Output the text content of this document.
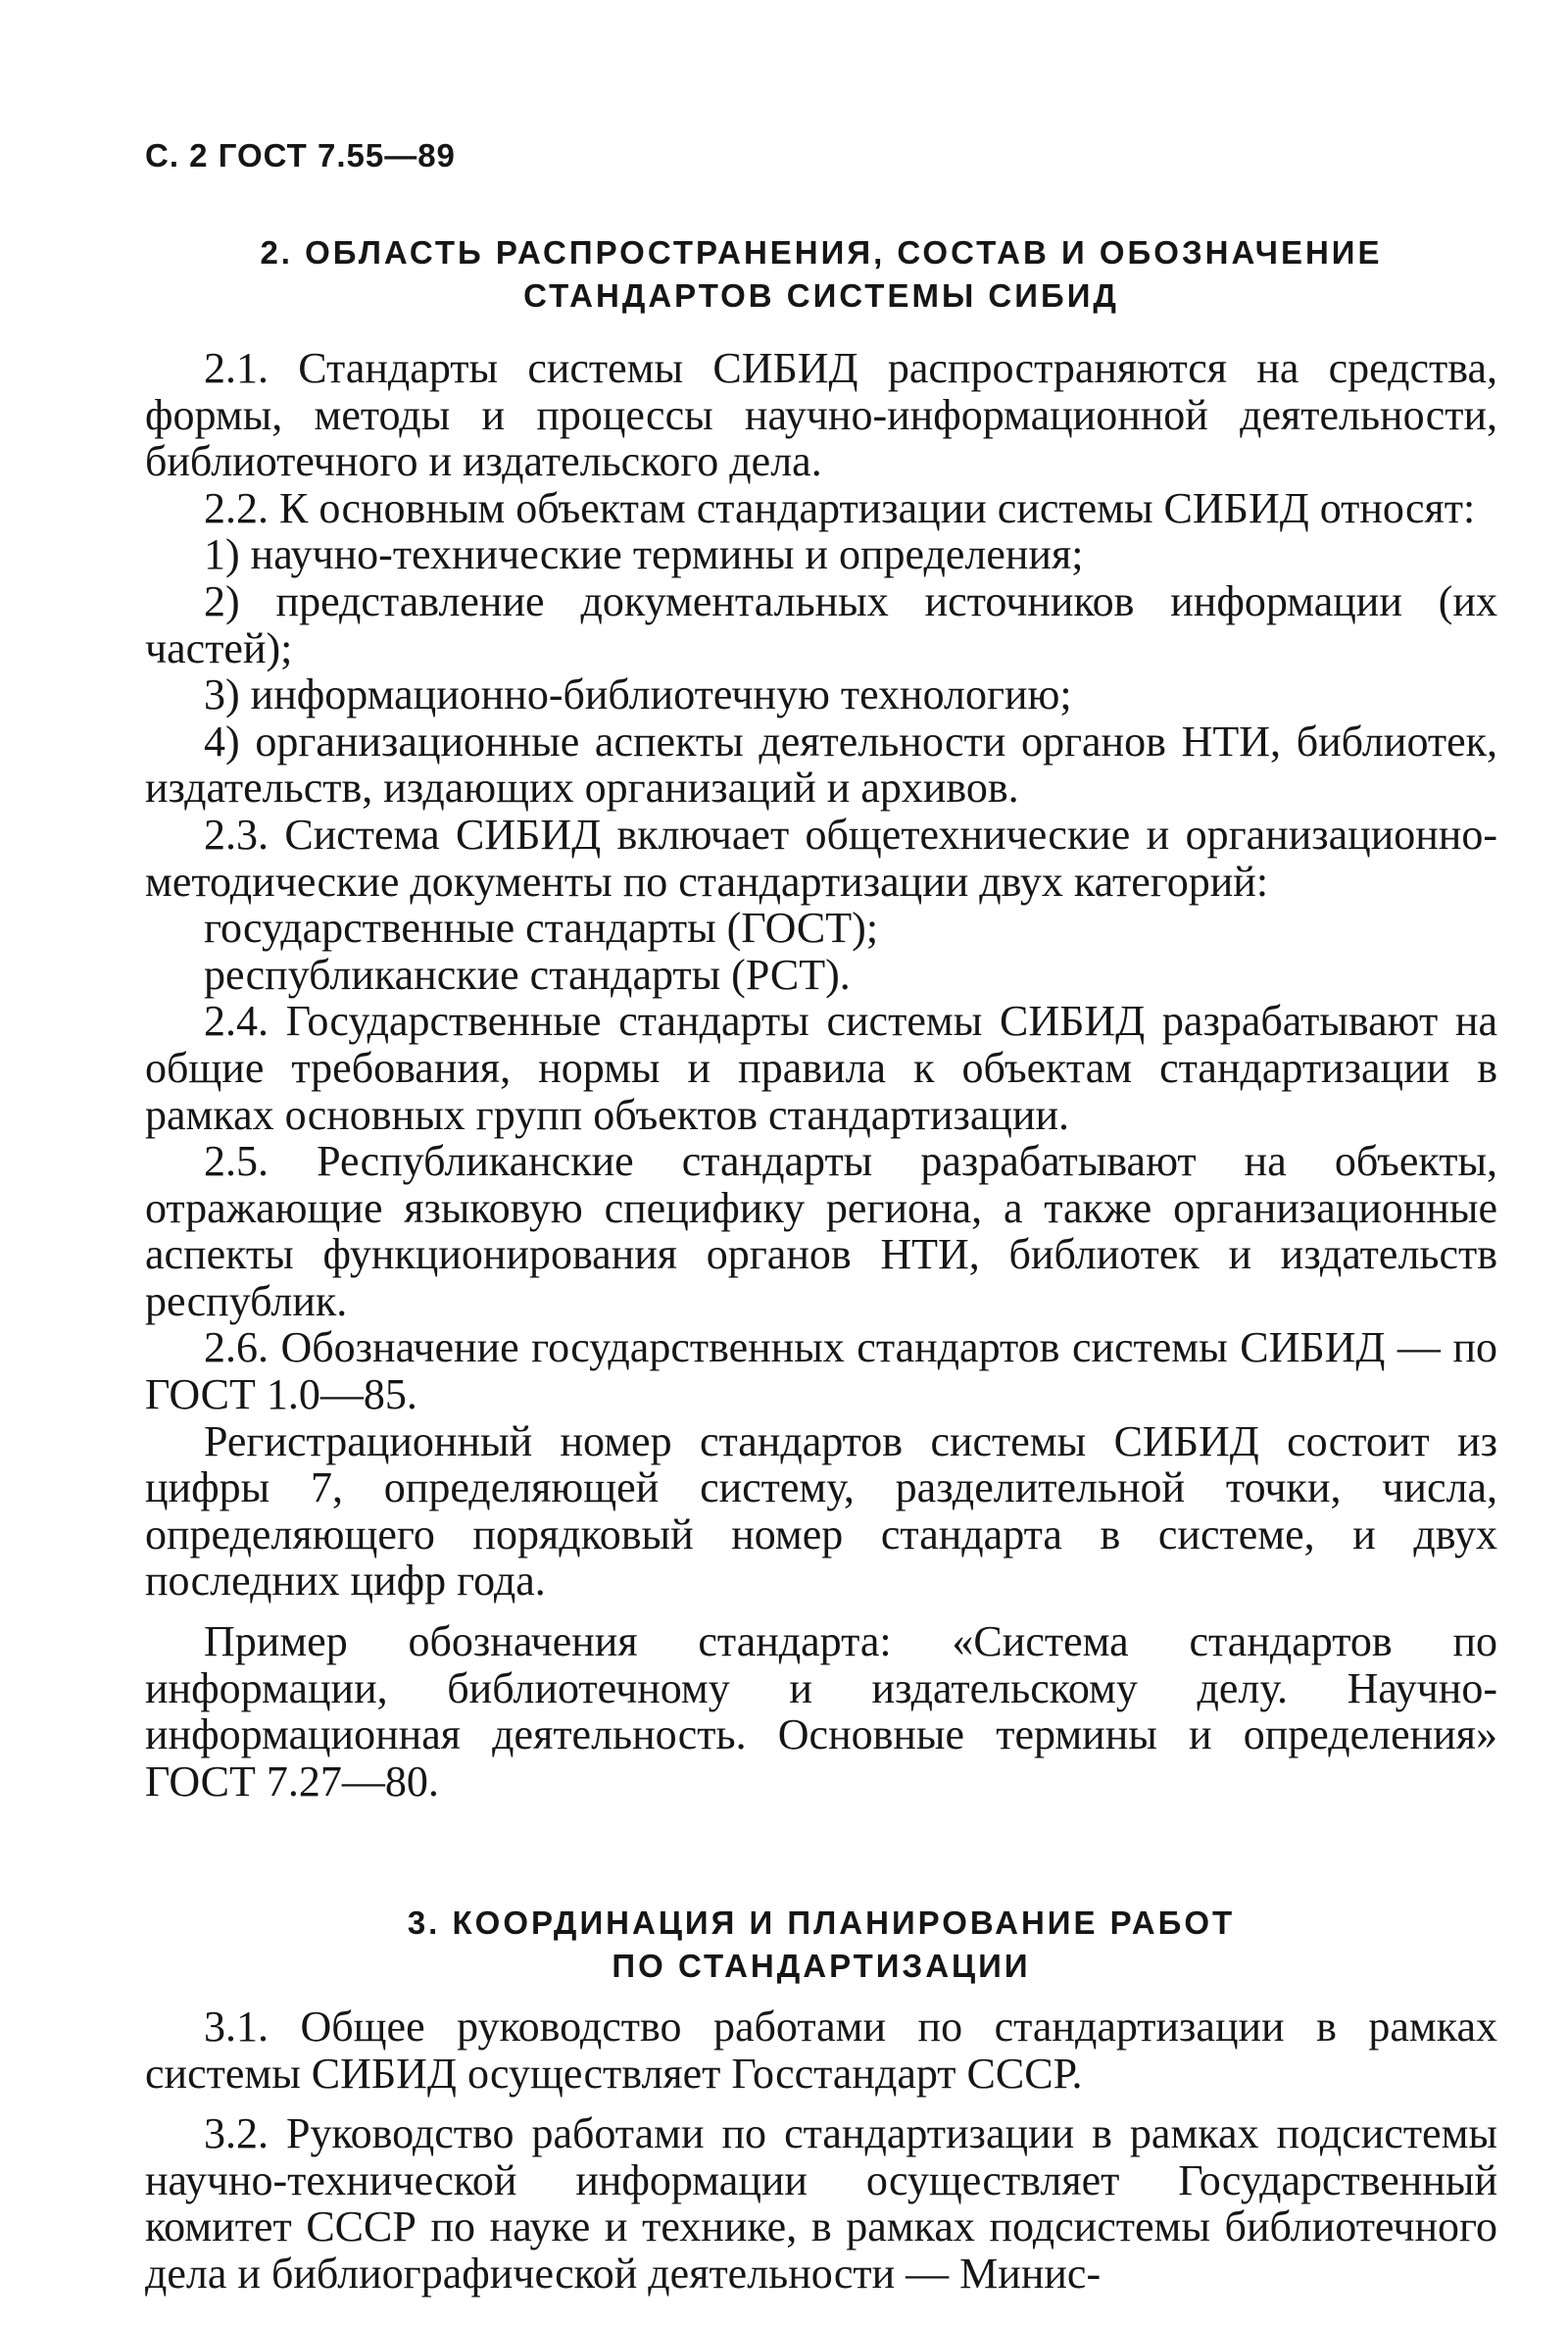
С. 2 ГОСТ 7.55—89
2. ОБЛАСТЬ РАСПРОСТРАНЕНИЯ, СОСТАВ И ОБОЗНАЧЕНИЕ
СТАНДАРТОВ СИСТЕМЫ СИБИД

2.1. Стандарты системы СИБИД распространяются на средства, формы, методы и процессы научно-информационной деятельности, библиотечного и издательского дела.

2.2. К основным объектам стандартизации системы СИБИД относят:

1) научно-технические термины и определения;

2) представление документальных источников информации (их частей);

3) информационно-библиотечную технологию;

4) организационные аспекты деятельности органов НТИ, библиотек, издательств, издающих организаций и архивов.

2.3. Система СИБИД включает общетехнические и организационно-методические документы по стандартизации двух категорий:

государственные стандарты (ГОСТ);

республиканские стандарты (РСТ).

2.4. Государственные стандарты системы СИБИД разрабатывают на общие требования, нормы и правила к объектам стандартизации в рамках основных групп объектов стандартизации.

2.5. Республиканские стандарты разрабатывают на объекты, отражающие языковую специфику региона, а также организационные аспекты функционирования органов НТИ, библиотек и издательств республик.

2.6. Обозначение государственных стандартов системы СИБИД — по ГОСТ 1.0—85.

Регистрационный номер стандартов системы СИБИД состоит из цифры 7, определяющей систему, разделительной точки, числа, определяющего порядковый номер стандарта в системе, и двух последних цифр года.

Пример обозначения стандарта: «Система стандартов по информации, библиотечному и издательскому делу. Научно-информационная деятельность. Основные термины и определения» ГОСТ 7.27—80.

3. КООРДИНАЦИЯ И ПЛАНИРОВАНИЕ РАБОТ
ПО СТАНДАРТИЗАЦИИ

3.1. Общее руководство работами по стандартизации в рамках системы СИБИД осуществляет Госстандарт СССР.

3.2. Руководство работами по стандартизации в рамках подсистемы научно-технической информации осуществляет Государственный комитет СССР по науке и технике, в рамках подсистемы библиотечного дела и библиографической деятельности — Минис-
